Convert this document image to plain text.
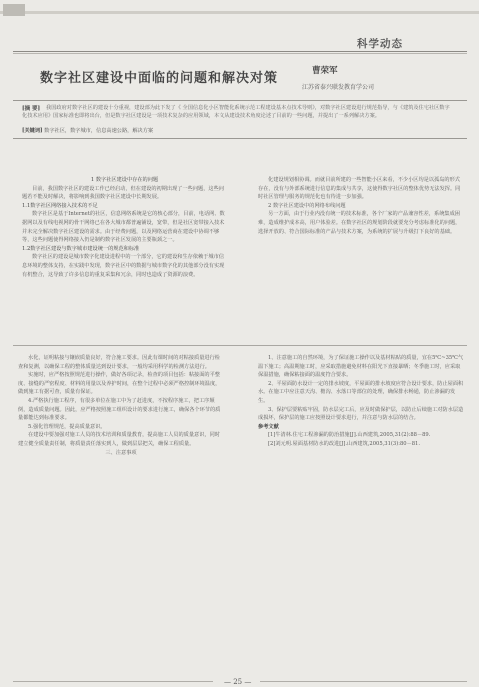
科学动态
数字社区建设中面临的问题和解决对策	曹荣军
江苏省泰兴联发教育学公司
[摘 要]	我国政府对数字社区的建设十分重视，建设部为此下发了《 全国信息化小区智能化系统示范工程建设基本点技术导则》，对数字社区建设进行规范指导，与《建筑及住宅社区数字化技术应用》国家标准也即将出台，但是数字社区建设是一项技术复杂的应用领域，本文从建设技术角度论述了目前的一些问题，并提出了一系列解决方案。
[关键词] 数字社区，数字城市，信息高速公路，解决方案

1 数字社区建设中存在的问题

目前，我国数字社区的建设工作已经启动，但在建设的初期出现了一些问题，这些问题若不能及时解决，将影响到我国数字社区建设中长期发展。

1.1数字社区网络接入技术的不足

数字社区是基于Internet的社区，信息网络系统是它的核心部分，目前，电话网、数据网以及有线电视网的骨干网络已在各大城市都普遍铺设，宽带，但是社区宽带接入技术并未完全解决数字社区建设的需求。由于经费问题，以及网络运营商在建设中协调不够等，这些问题使得网络接入仍是制约数字社区发展的主要瓶颈之一。

1.2数字社区建设与数字城市建设统一的规范和标准

数字社区的建设是城市数字化建设进程中的一个部分，它的建设和生存依赖于城市信息环境的整体支持，在实践中发现，数字社区中的数据与城市数字化的其他部分没有实现有机整合，这导致了许多信息的重复采集和冗余，同时也造成了资源的浪费。

化建设规划相协调。而就目前所建的一些智能小区来看，不少小区均是以孤岛的形式存在，没有与外部系统进行信息的集成与共享，这使得数字社区的整体优势无法发挥。同时社区管理与服务的规范化也有待进一步加强。

2 数字社区建设中的网络布线问题

另一方面，由于行业内没有统一的技术标准，各个厂家的产品兼容性差，系统集成困难，造成维护成本高，用户体验差。在数字社区的规划阶段就要充分考虑标准化的问题，选择开放的、符合国际标准的产品与技术方案，为系统的扩展与升级打下良好的基础。

水化，证明粘接与镶嵌质量良好，符合施工要求。因此有课时间的对粘接质量进行检查和复测，以确保工程的整体质量达到设计要求，一般均采用科学的检测方法进行。

实施时，应严格按照规范进行操作，做好各项记录，检查的项目包括：粘接面的平整度、接缝的严密程度、材料的用量以及养护时间，在整个过程中必须严格控制环境温度，做到施工有据可查，质量有保证。

4.严格执行施工程序，有很多单位在施工中为了赶进度，不按程序施工，把工序颠倒，造成质量问题。因此，应严格按照施工组织设计的要求进行施工，确保各个环节的质量都能达到标准要求。

5.强化管理规范，提高质量意识。

在建设中要加强对施工人员的技术培训和质量教育，提高施工人员的质量意识，同时建立健全质量责任制，将质量责任落实到人，做到层层把关，确保工程质量。

三、注意事项

1、注意施工的自然环境，为了保证施工操作以及基材粘贴的质量，宜在5℃~35℃气温下施工；高温期施工时，应采取措施避免材料在阳光下直接暴晒；冬季施工时，应采取保温措施，确保粘接面的温度符合要求。

2、平屋面防水设计一定的排水坡度，平屋面的排水坡度应符合设计要求，防止屋面积水。在施工中应注意天沟、檐沟、水落口等部位的处理，确保排水畅通，防止渗漏的发生。

3、保护层要粘贴牢固，防水层完工后，应及时做保护层，以防止后续施工对防水层造成损坏，保护层的施工应按照设计要求进行，并注意与防水层的结合。

参考文献

[1]牛清林.住宅工程渗漏的防治措施[J].山西建筑,2005,31(2):88－89.

[2]刘元明.屋面基材防水的改进[J].山西建筑,2005,31(3):80－81.

— 25 —
